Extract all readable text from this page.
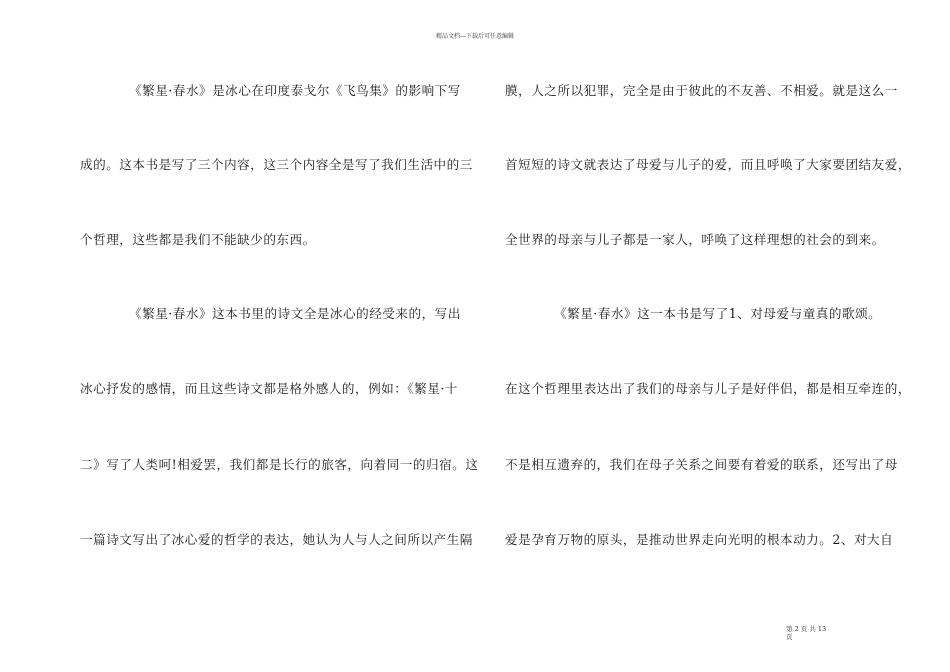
精品文档---下载后可任意编辑
《繁星·春水》是冰心在印度泰戈尔《飞鸟集》的影响下写
成的。这本书是写了三个内容，这三个内容全是写了我们生活中的三
个哲理，这些都是我们不能缺少的东西。
《繁星·春水》这本书里的诗文全是冰心的经受来的，写出
冰心抒发的感情，而且这些诗文都是格外感人的，例如：《繁星·十
二》写了人类呵!相爱罢，我们都是长行的旅客，向着同一的归宿。这
一篇诗文写出了冰心爱的哲学的表达，她认为人与人之间所以产生隔
膜，人之所以犯罪，完全是由于彼此的不友善、不相爱。就是这么一
首短短的诗文就表达了母爱与儿子的爱，而且呼唤了大家要团结友爱，
全世界的母亲与儿子都是一家人，呼唤了这样理想的社会的到来。
《繁星·春水》这一本书是写了1、对母爱与童真的歌颂。
在这个哲理里表达出了我们的母亲与儿子是好伴侣，都是相互牵连的，
不是相互遗弃的，我们在母子关系之间要有着爱的联系，还写出了母
爱是孕育万物的原头，是推动世界走向光明的根本动力。2、对大自
第 2 页 共 13
页
